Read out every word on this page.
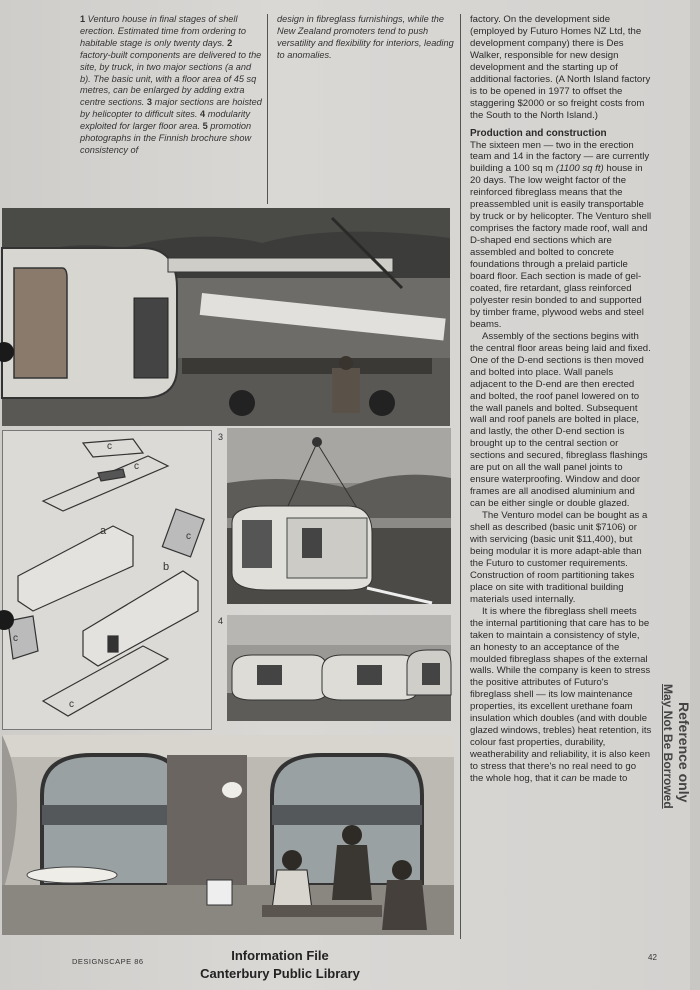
1 Venturo house in final stages of shell erection. Estimated time from ordering to habitable stage is only twenty days. 2 factory-built components are delivered to the site, by truck, in two major sections (a and b). The basic unit, with a floor area of 45 sq metres, can be enlarged by adding extra centre sections. 3 major sections are hoisted by helicopter to difficult sites. 4 modularity exploited for larger floor area. 5 promotion photographs in the Finnish brochure show consistency of
design in fibreglass furnishings, while the New Zealand promoters tend to push versatility and flexibility for interiors, leading to anomalies.
c
c
a	c
b
c
c
3
4

factory. On the development side (employed by Futuro Homes NZ Ltd, the development company) there is Des Walker, responsible for new design development and the starting up of additional factories. (A North Island factory is to be opened in 1977 to offset the staggering $2000 or so freight costs from the South to the North Island.)

Production and construction

The sixteen men — two in the erection team and 14 in the factory — are currently building a 100 sq m (1100 sq ft) house in 20 days. The low weight factor of the reinforced fibreglass means that the preassembled unit is easily transportable by truck or by helicopter. The Venturo shell comprises the factory made roof, wall and D-shaped end sections which are assembled and bolted to concrete foundations through a prelaid particle board floor. Each section is made of gel-coated, fire retardant, glass reinforced polyester resin bonded to and supported by timber frame, plywood webs and steel beams.

Assembly of the sections begins with the central floor areas being laid and fixed. One of the D-end sections is then moved and bolted into place. Wall panels adjacent to the D-end are then erected and bolted, the roof panel lowered on to the wall panels and bolted. Subsequent wall and roof panels are bolted in place, and lastly, the other D-end section is brought up to the central section or sections and secured, fibreglass flashings are put on all the wall panel joints to ensure waterproofing. Window and door frames are all anodised aluminium and can be either single or double glazed.

The Venturo model can be bought as a shell as described (basic unit $7106) or with servicing (basic unit $11,400), but being modular it is more adapt-able than the Futuro to customer requirements. Construction of room partitioning takes place on site with traditional building materials used internally.

It is where the fibreglass shell meets the internal partitioning that care has to be taken to maintain a consistency of style, an honesty to an acceptance of the moulded fibreglass shapes of the external walls. While the company is keen to stress the positive attributes of Futuro's fibreglass shell — its low maintenance properties, its excellent urethane foam insulation which doubles (and with double glazed windows, trebles) heat retention, its colour fast properties, durability, weatherability and reliability, it is also keen to stress that there's no real need to go the whole hog, that it can be made to	Reference only
May Not Be Borrowed
DESIGNSCAPE 86	Information File
Canterbury Public Library
42
